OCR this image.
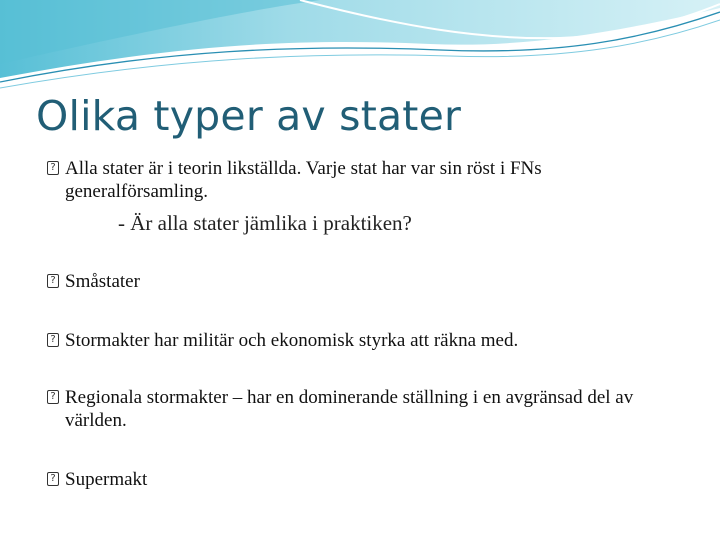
Olika typer av stater
? Alla stater är i teorin likställda. Varje stat har var sin röst i FNs generalförsamling.

- Är alla stater jämlika i praktiken?

? Småstater
? Stormakter har militär och ekonomisk styrka att räkna med.
? Regionala stormakter – har en dominerande ställning i en avgränsad del av världen.
? Supermakt
